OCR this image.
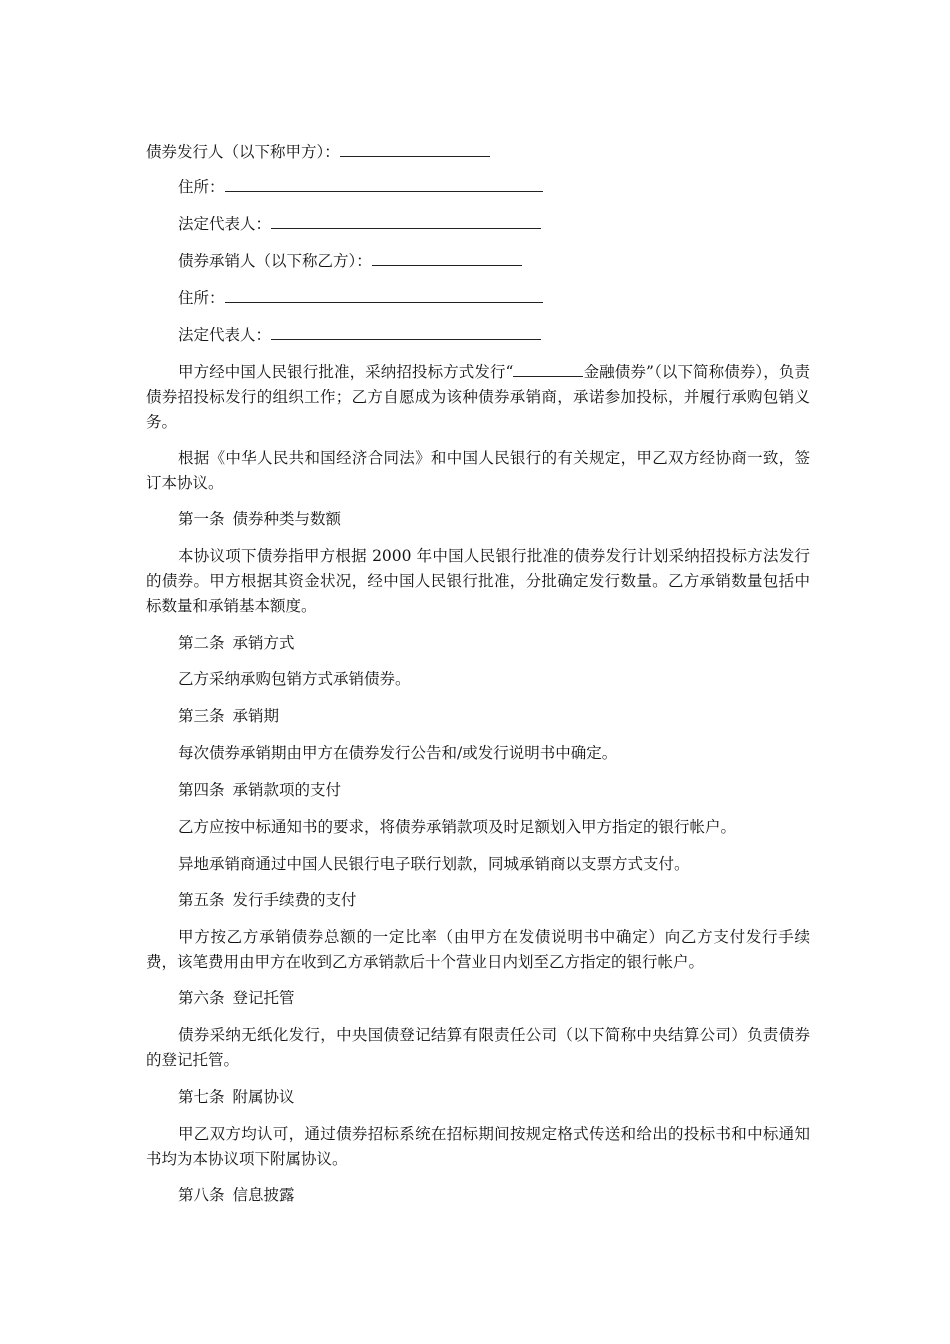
债券发行人（以下称甲方）：
住所：
法定代表人：
债券承销人（以下称乙方）：
住所：
法定代表人：
甲方经中国人民银行批准，采纳招投标方式发行“	金融债券”（以下简称债券），负责债券招投标发行的组织工作；乙方自愿成为该种债券承销商，承诺参加投标，并履行承购包销义务。
根据《中华人民共和国经济合同法》和中国人民银行的有关规定，甲乙双方经协商一致，签订本协议。
第一条 债券种类与数额
本协议项下债券指甲方根据 2000 年中国人民银行批准的债券发行计划采纳招投标方法发行的债券。甲方根据其资金状况，经中国人民银行批准，分批确定发行数量。乙方承销数量包括中标数量和承销基本额度。
第二条 承销方式
乙方采纳承购包销方式承销债券。
第三条 承销期
每次债券承销期由甲方在债券发行公告和/或发行说明书中确定。
第四条 承销款项的支付
乙方应按中标通知书的要求，将债券承销款项及时足额划入甲方指定的银行帐户。
异地承销商通过中国人民银行电子联行划款，同城承销商以支票方式支付。
第五条 发行手续费的支付
甲方按乙方承销债券总额的一定比率（由甲方在发债说明书中确定）向乙方支付发行手续费，该笔费用由甲方在收到乙方承销款后十个营业日内划至乙方指定的银行帐户。
第六条 登记托管
债券采纳无纸化发行，中央国债登记结算有限责任公司（以下简称中央结算公司）负责债券的登记托管。
第七条 附属协议
甲乙双方均认可，通过债券招标系统在招标期间按规定格式传送和给出的投标书和中标通知书均为本协议项下附属协议。
第八条 信息披露
